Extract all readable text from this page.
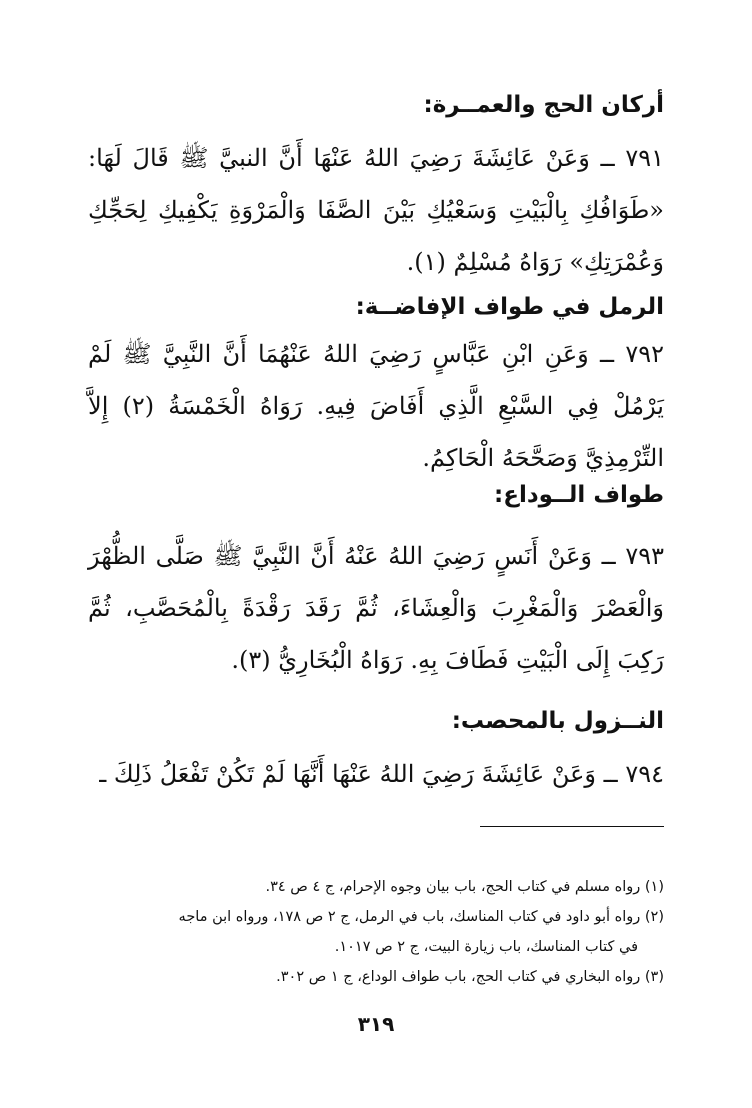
أركان الحج والعمــرة:
٧٩١ ــ وَعَنْ عَائِشَةَ رَضِيَ اللهُ عَنْهَا أَنَّ النبيَّ ﷺ قَالَ لَهَا: «طَوَافُكِ بِالْبَيْتِ وَسَعْيُكِ بَيْنَ الصَّفَا وَالْمَرْوَةِ يَكْفِيكِ لِحَجِّكِ وَعُمْرَتِكِ» رَوَاهُ مُسْلِمٌ (١).
الرمل في طواف الإفاضــة:
٧٩٢ ــ وَعَنِ ابْنِ عَبَّاسٍ رَضِيَ اللهُ عَنْهُمَا أَنَّ النَّبِيَّ ﷺ لَمْ يَرْمُلْ فِي السَّبْعِ الَّذِي أَفَاضَ فِيهِ. رَوَاهُ الْخَمْسَةُ (٢) إِلاَّ التِّرْمِذِيَّ وَصَحَّحَهُ الْحَاكِمُ.
طواف الــوداع:
٧٩٣ ــ وَعَنْ أَنَسٍ رَضِيَ اللهُ عَنْهُ أَنَّ النَّبِيَّ ﷺ صَلَّى الظُّهْرَ وَالْعَصْرَ وَالْمَغْرِبَ وَالْعِشَاءَ، ثُمَّ رَقَدَ رَقْدَةً بِالْمُحَصَّبِ، ثُمَّ رَكِبَ إِلَى الْبَيْتِ فَطَافَ بِهِ. رَوَاهُ الْبُخَارِيُّ (٣).
النــزول بالمحصب:
٧٩٤ ــ وَعَنْ عَائِشَةَ رَضِيَ اللهُ عَنْهَا أَنَّهَا لَمْ تَكُنْ تَفْعَلُ ذَلِكَ ـ
(١) رواه مسلم في كتاب الحج، باب بيان وجوه الإحرام، ج ٤ ص ٣٤.
(٢) رواه أبو داود في كتاب المناسك، باب في الرمل، ج ٢ ص ١٧٨، ورواه ابن ماجه
في كتاب المناسك، باب زيارة البيت، ج ٢ ص ١٠١٧.
(٣) رواه البخاري في كتاب الحج، باب طواف الوداع، ج ١ ص ٣٠٢.
٣١٩
